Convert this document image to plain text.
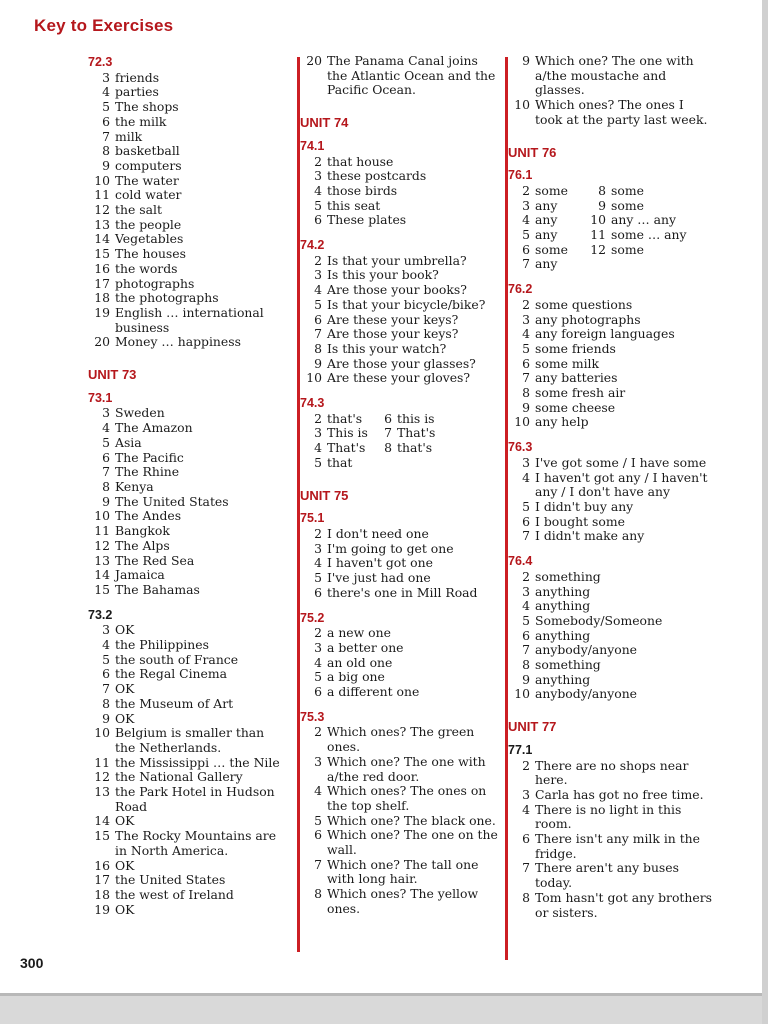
Key to Exercises
72.3
3 friends
4 parties
5 The shops
6 the milk
7 milk
8 basketball
9 computers
10 The water
11 cold water
12 the salt
13 the people
14 Vegetables
15 The houses
16 the words
17 photographs
18 the photographs
19 English … international business
20 Money … happiness
UNIT 73
73.1
3 Sweden
4 The Amazon
5 Asia
6 The Pacific
7 The Rhine
8 Kenya
9 The United States
10 The Andes
11 Bangkok
12 The Alps
13 The Red Sea
14 Jamaica
15 The Bahamas
73.2
3 OK
4 the Philippines
5 the south of France
6 the Regal Cinema
7 OK
8 the Museum of Art
9 OK
10 Belgium is smaller than the Netherlands.
11 the Mississippi … the Nile
12 the National Gallery
13 the Park Hotel in Hudson Road
14 OK
15 The Rocky Mountains are in North America.
16 OK
17 the United States
18 the west of Ireland
19 OK
20 The Panama Canal joins the Atlantic Ocean and the Pacific Ocean.
UNIT 74
74.1
2 that house
3 these postcards
4 those birds
5 this seat
6 These plates
74.2
2 Is that your umbrella?
3 Is this your book?
4 Are those your books?
5 Is that your bicycle/bike?
6 Are these your keys?
7 Are those your keys?
8 Is this your watch?
9 Are those your glasses?
10 Are these your gloves?
74.3
2 that's
3 This is
4 That's
5 that
6 this is
7 That's
8 that's
UNIT 75
75.1
2 I don't need one
3 I'm going to get one
4 I haven't got one
5 I've just had one
6 there's one in Mill Road
75.2
2 a new one
3 a better one
4 an old one
5 a big one
6 a different one
75.3
2 Which ones? The green ones.
3 Which one? The one with a/the red door.
4 Which ones? The ones on the top shelf.
5 Which one? The black one.
6 Which one? The one on the wall.
7 Which one? The tall one with long hair.
8 Which ones? The yellow ones.
9 Which one? The one with a/the moustache and glasses.
10 Which ones? The ones I took at the party last week.
UNIT 76
76.1
2 some
3 any
4 any
5 any
6 some
7 any
8 some
9 some
10 any … any
11 some … any
12 some
76.2
2 some questions
3 any photographs
4 any foreign languages
5 some friends
6 some milk
7 any batteries
8 some fresh air
9 some cheese
10 any help
76.3
3 I've got some / I have some
4 I haven't got any / I haven't any / I don't have any
5 I didn't buy any
6 I bought some
7 I didn't make any
76.4
2 something
3 anything
4 anything
5 Somebody/Someone
6 anything
7 anybody/anyone
8 something
9 anything
10 anybody/anyone
UNIT 77
77.1
2 There are no shops near here.
3 Carla has got no free time.
4 There is no light in this room.
6 There isn't any milk in the fridge.
7 There aren't any buses today.
8 Tom hasn't got any brothers or sisters.
300
